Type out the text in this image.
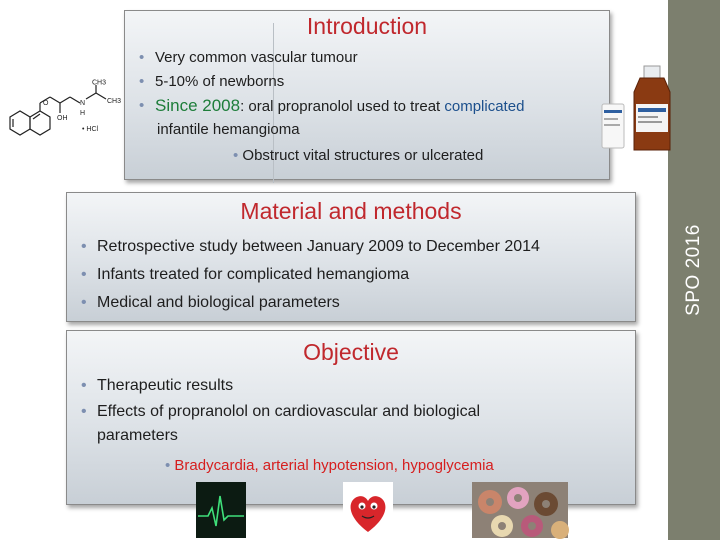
SPO 2016
O
OH
N
H
CH3
CH3
• HCl
Introduction
• Very common vascular tumour
• 5-10% of newborns
• Since 2008: oral propranolol used to treat complicated
infantile hemangioma
• Obstruct vital structures or ulcerated
Material and methods
• Retrospective study between January 2009 to December 2014
• Infants treated for complicated hemangioma
• Medical and biological parameters
Objective
• Therapeutic results
• Effects of propranolol on cardiovascular and biological
parameters
• Bradycardia, arterial hypotension, hypoglycemia
